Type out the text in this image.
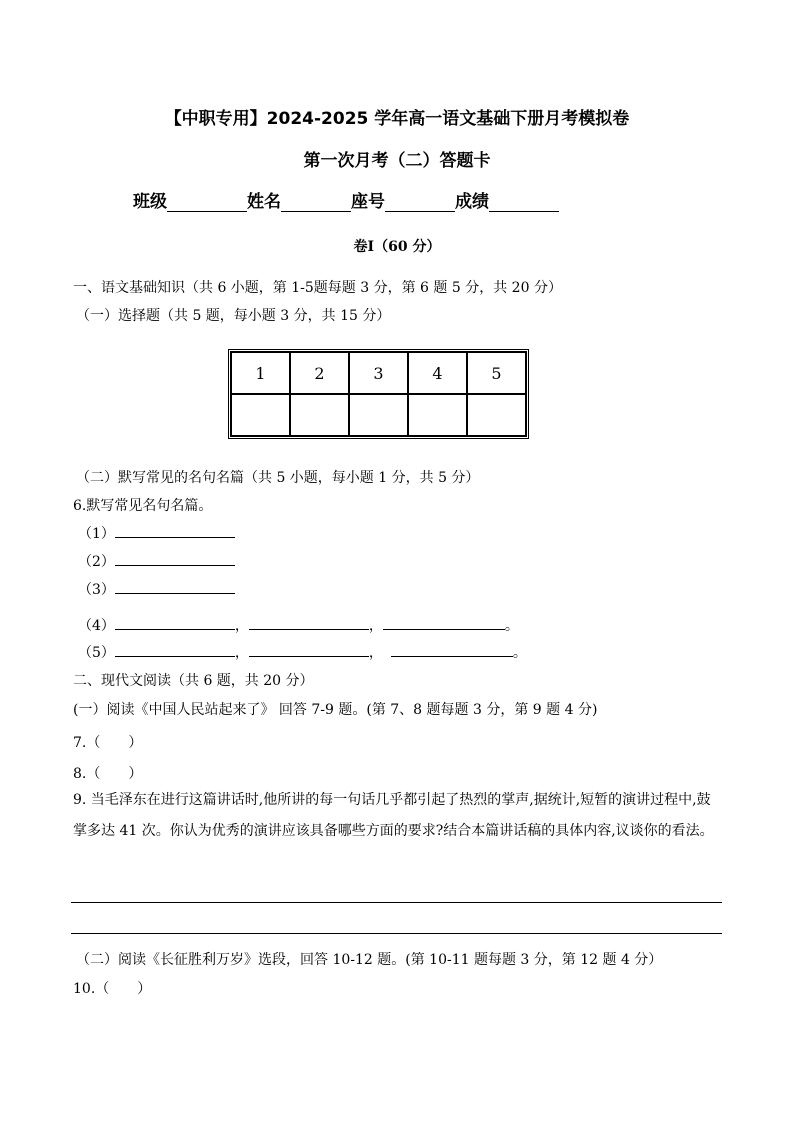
【中职专用】2024-2025 学年高一语文基础下册月考模拟卷
第一次月考（二）答题卡
班级	姓名	座号	成绩
卷Ⅰ（60 分）
一、语文基础知识（共 6 小题，第 1-5题每题 3 分，第 6 题 5 分，共 20 分）
（一）选择题（共 5 题，每小题 3 分，共 15 分）
1	2	3	4	5

（二）默写常见的名句名篇（共 5 小题，每小题 1 分，共 5 分）
6.默写常见名句名篇。
（1）
（2）
（3）
（4）	，	，	。
（5）	，	，	。
二、现代文阅读（共 6 题，共 20 分）
(一）阅读《中国人民站起来了》 回答 7-9 题。(第 7、8 题每题 3 分，第 9 题 4 分)
7.（　　）
8.（　　）
9. 当毛泽东在进行这篇讲话时,他所讲的每一句话几乎都引起了热烈的掌声,据统计,短暂的演讲过程中,鼓掌多达 41 次。你认为优秀的演讲应该具备哪些方面的要求?结合本篇讲话稿的具体内容,议谈你的看法。
（二）阅读《长征胜利万岁》选段，回答 10-12 题。(第 10-11 题每题 3 分，第 12 题 4 分）
10.（　　）
